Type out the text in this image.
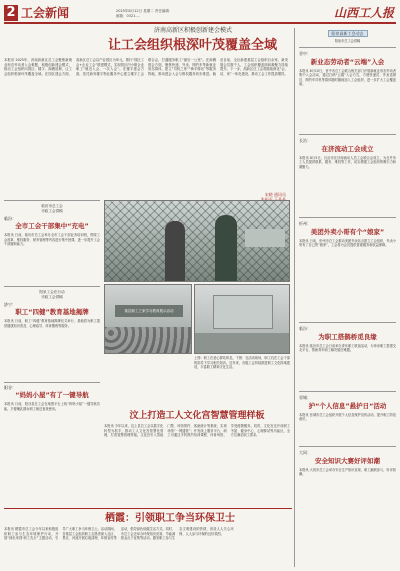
2 工会新闻	2025年8月12日 星期二 责任编辑：
邮箱：0321-...	山西工人报
济南高新区积极创新建会模式
让工会组织根深叶茂覆盖全域
本报讯 2025年，济南高新区总工会聚焦新就业形态劳动者入会难题，积极创新建会模式，推动工会组织向园区、楼宇、商圈延伸，让工会组织根深叶茂覆盖全域。在园区建会方面，高新区总工会以产业园区为单元，推行“园区工会+企业工会”联建模式，实现园区内小微企业职工“就近入会、一次入会”。在楼宇建会方面，依托商务楼宇物业服务中心建立楼宇工会联合会，打通服务职工“最后一公里”。在商圈建会方面，聚焦快递、外卖、网约车等新就业形态群体，建立“司机之家”“骑手驿站”等服务阵地，推动建会入会与维权服务同步推进。截至目前，全区新建基层工会组织百余家，新发展会员数千人，工会组织覆盖面和凝聚力持续提升。下一步，高新区总工会将继续深化“会、站、家”一体化建设，推动工会工作提质增效。
宋晓 通讯员
阳泉高新工会动态
阳泉市总工会供稿
晋中：
新业态劳动者“云端”入会
本报讯 8月10日，晋中市总工会联合相关部门开展新就业形态劳动者集中入会活动，通过扫码“云端”入会方式，方便快递员、外卖送餐员、网约车司机等群体随时随地加入工会组织，进一步扩大工会覆盖面。
长治：
在济流动工会成立
本报讯 8月5日，长治市在济南流动人员工会联合会成立，为在外务工人员提供联系、服务、维权等工作，切实增强工会组织的吸引力和凝聚力。
忻州：
美团外卖小哥有个“娘家”
本报讯 日前，忻州市总工会推动美团外卖站点建立工会组织，外卖小哥有了自己的“娘家”，工会将为会员提供普惠服务和权益保障。
临汾：
为职工搭鹊桥觅良缘
本报讯 临汾市总工会日前举办青年职工联谊活动，为单身职工搭建交友平台，帮助青年职工解决婚恋难题。
晋城：
护“个人信息”悬护日“活动
本报讯 晋城市总工会组织开展个人信息保护宣传活动，提升职工防范意识。
大同：
安全知识大赛好评如潮
本报讯 大同市总工会举办安全生产知识竞赛，职工踊跃参与，好评如潮。
临汾市总工会
市政工会供稿
临汾：
全市工会干部集中“充电”
本报讯 日前，临汾市总工会举办全市工会干部业务培训班，围绕工会改革、维权服务、财务管理等内容进行集中授课，进一步提升工会干部履职能力。
阳泉工会在行动
市政工会供稿
济宁：
职工“四健”教育基地揭牌
本报讯 日前，职工“四健”教育基地揭牌仪式举行，基地将为职工提供健康知识普及、心理疏导、体育锻炼等服务。
阳谷：
“妈妈小屋”有了一键导航
本报讯 日前，阳谷县总工会在地图平台上线“妈妈小屋”一键导航功能，方便哺乳期女职工就近查找使用。
基层职工之家学习教育展示活动
上图：职工在爱心驿站休息。下图：在活动现场，职工们在工会干部的指导下学习相关知识。近年来，各级工会持续推进职工文化阵地建设，丰富职工精神文化生活。
汶上打造工人文化宫智慧管理样板
本报讯 今年以来，汶上县总工会以数字化转型为抓手，推动工人文化宫智慧化管理，打造智慧管理样板。文化宫引入智能门禁、场馆预约、客流统计等系统，实现场馆“一网通管”；开发线上服务平台，职工可通过手机预约培训课程、体育场馆，享受便捷服务。同时，文化宫还开设职工书屋、健身中心、心理驿站等功能区，全方位满足职工需求。
栖霞：引领职工争当环保卫士
本报讯 栖霞市总工会今年以来积极组织职工参与生态环境保护行动，开展“绿色家园·职工先行”主题活动，引导广大职工争当环保卫士。活动期间，各基层工会组织职工志愿者深入社区、景区、河道开展垃圾清理、环保宣传等活动，倡导绿色低碳生活方式。同时，市总工会还举办环保知识竞赛、节能减排金点子征集等活动，激发职工参与生态文明建设的热情，营造人人关心环保、人人参与环保的良好氛围。
